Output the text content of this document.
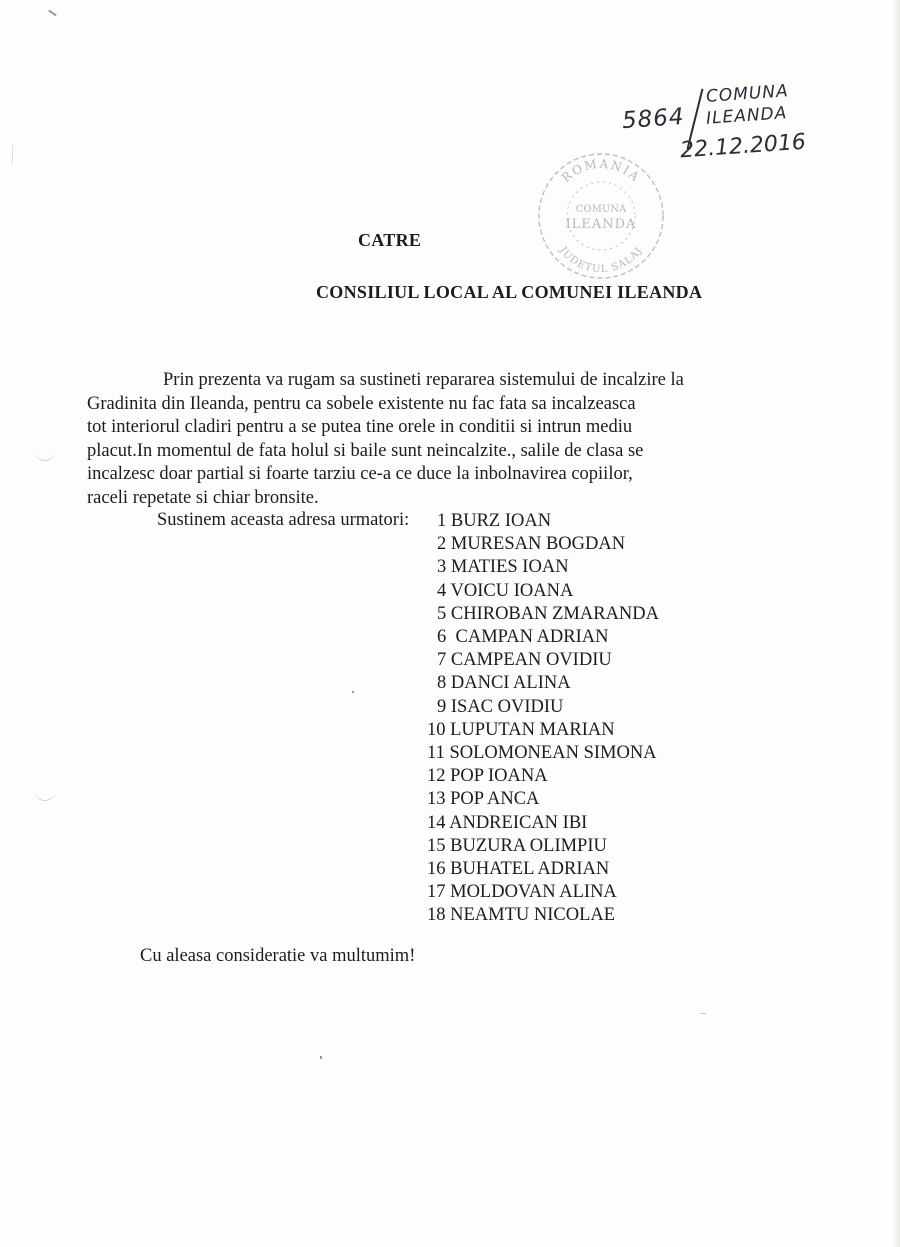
5864
COMUNA
ILEANDA
22.12.2016
ROMANIA
COMUNA
ILEANDA
JUDETUL SALAJ
CATRE
CONSILIUL LOCAL AL COMUNEI ILEANDA
Prin prezenta va rugam sa sustineti repararea sistemului de incalzire la
Gradinita din Ileanda, pentru ca sobele existente nu fac fata sa incalzeasca
tot interiorul cladiri pentru a se putea tine orele in conditii si intrun mediu
placut.In momentul de fata holul si baile sunt neincalzite., salile de clasa se
incalzesc doar partial si foarte tarziu ce-a ce duce la inbolnavirea copiilor,
raceli repetate si chiar bronsite.
Sustinem aceasta adresa urmatori: 1 BURZ IOAN
2 MURESAN BOGDAN
3 MATIES IOAN
4 VOICU IOANA
5 CHIROBAN ZMARANDA
6  CAMPAN ADRIAN
7 CAMPEAN OVIDIU
8 DANCI ALINA
9 ISAC OVIDIU
10 LUPUTAN MARIAN
11 SOLOMONEAN SIMONA
12 POP IOANA
13 POP ANCA
14 ANDREICAN IBI
15 BUZURA OLIMPIU
16 BUHATEL ADRIAN
17 MOLDOVAN ALINA
18 NEAMTU NICOLAE
Cu aleasa consideratie va multumim!
